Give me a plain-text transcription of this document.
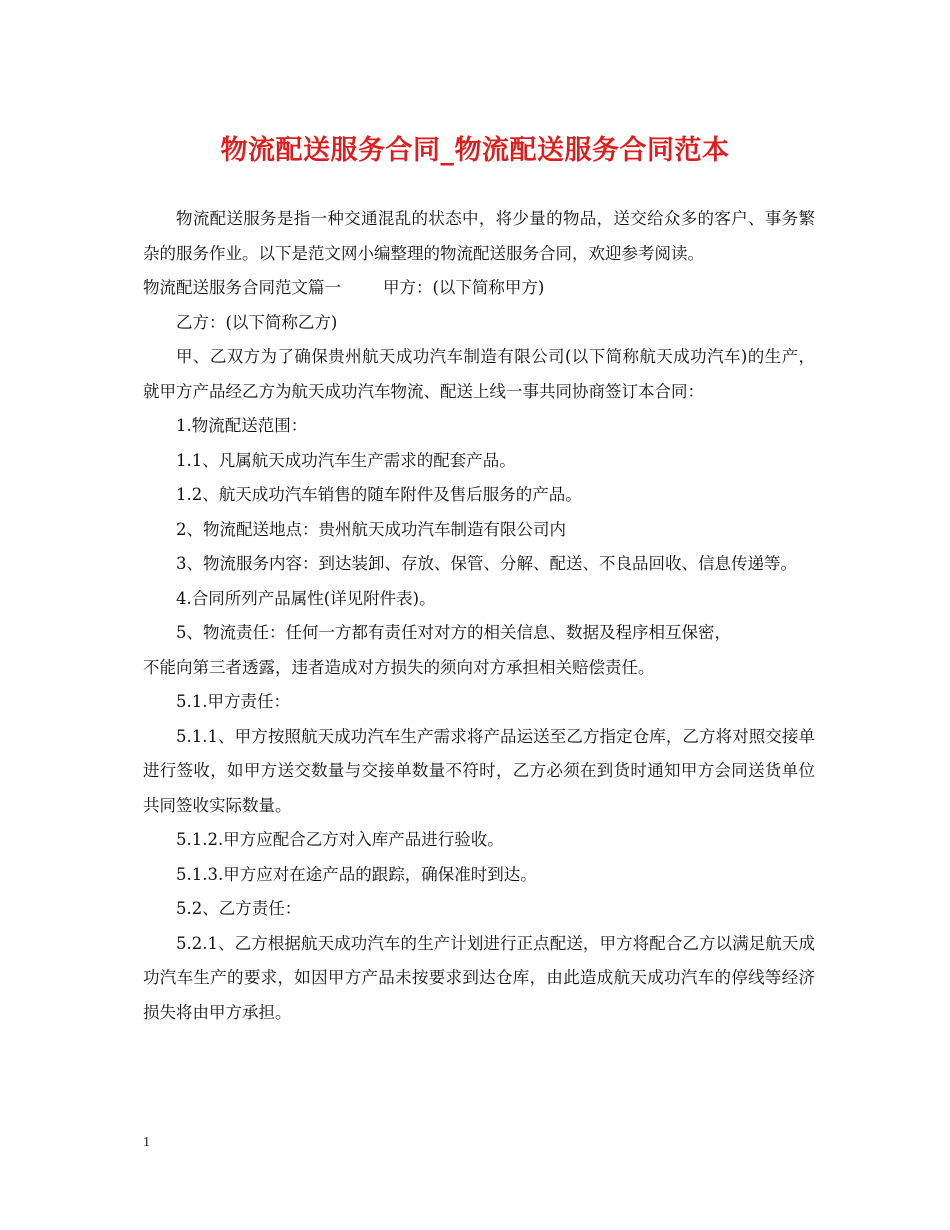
物流配送服务合同_物流配送服务合同范本

物流配送服务是指一种交通混乱的状态中，将少量的物品，送交给众多的客户、事务繁杂的服务作业。以下是范文网小编整理的物流配送服务合同，欢迎参考阅读。

物流配送服务合同范文篇一	甲方：(以下简称甲方)

乙方：(以下简称乙方)

甲、乙双方为了确保贵州航天成功汽车制造有限公司(以下简称航天成功汽车)的生产，就甲方产品经乙方为航天成功汽车物流、配送上线一事共同协商签订本合同：

1.物流配送范围：

1.1、凡属航天成功汽车生产需求的配套产品。

1.2、航天成功汽车销售的随车附件及售后服务的产品。

2、物流配送地点：贵州航天成功汽车制造有限公司内

3、物流服务内容：到达装卸、存放、保管、分解、配送、不良品回收、信息传递等。

4.合同所列产品属性(详见附件表)。

5、物流责任：任何一方都有责任对对方的相关信息、数据及程序相互保密，

不能向第三者透露，违者造成对方损失的须向对方承担相关赔偿责任。

5.1.甲方责任：

5.1.1、甲方按照航天成功汽车生产需求将产品运送至乙方指定仓库，乙方将对照交接单进行签收，如甲方送交数量与交接单数量不符时，乙方必须在到货时通知甲方会同送货单位共同签收实际数量。

5.1.2.甲方应配合乙方对入库产品进行验收。

5.1.3.甲方应对在途产品的跟踪，确保准时到达。

5.2、乙方责任：

5.2.1、乙方根据航天成功汽车的生产计划进行正点配送，甲方将配合乙方以满足航天成功汽车生产的要求，如因甲方产品未按要求到达仓库，由此造成航天成功汽车的停线等经济损失将由甲方承担。

1
